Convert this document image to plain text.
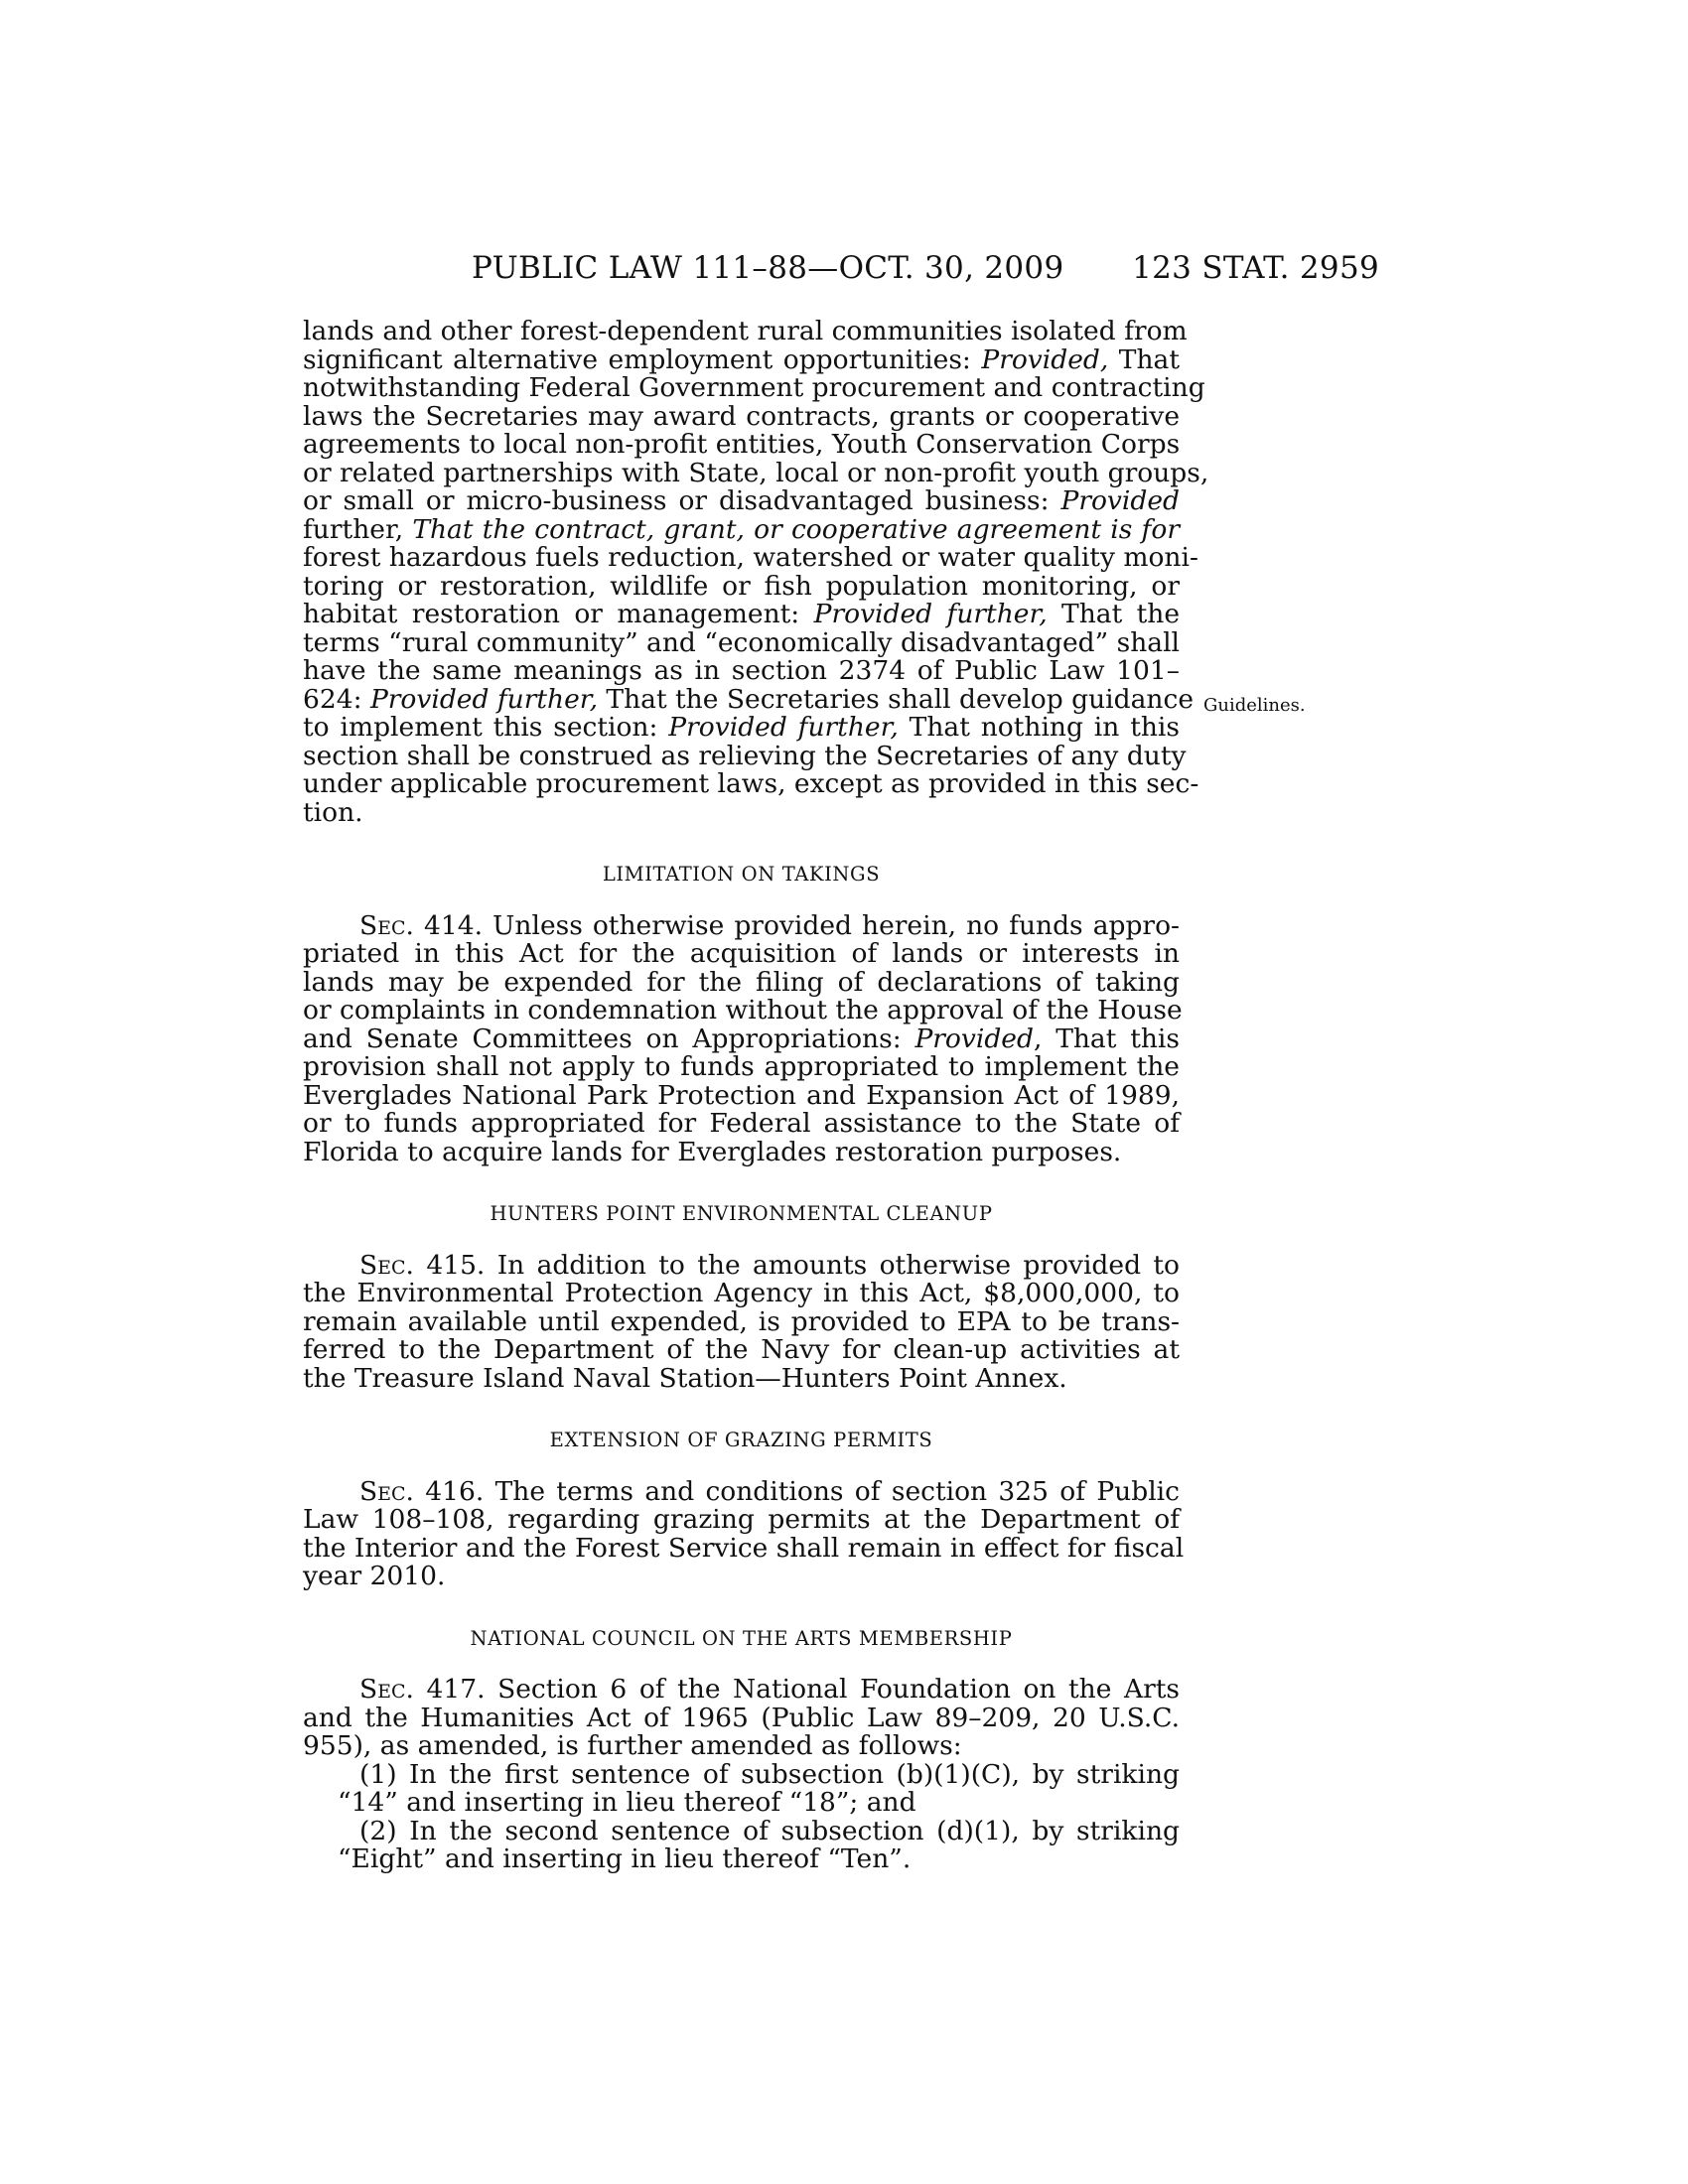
PUBLIC LAW 111–88—OCT. 30, 2009 123 STAT. 2959
Guidelines.
lands and other forest-dependent rural communities isolated from
significant alternative employment opportunities: Provided, That
notwithstanding Federal Government procurement and contracting
laws the Secretaries may award contracts, grants or cooperative
agreements to local non-profit entities, Youth Conservation Corps
or related partnerships with State, local or non-profit youth groups,
or small or micro-business or disadvantaged business: Provided
further, That the contract, grant, or cooperative agreement is for
forest hazardous fuels reduction, watershed or water quality moni-
toring or restoration, wildlife or fish population monitoring, or
habitat restoration or management: Provided further, That the
terms “rural community” and “economically disadvantaged” shall
have the same meanings as in section 2374 of Public Law 101–
624: Provided further, That the Secretaries shall develop guidance
to implement this section: Provided further, That nothing in this
section shall be construed as relieving the Secretaries of any duty
under applicable procurement laws, except as provided in this sec-
tion.
LIMITATION ON TAKINGS
Sec. 414. Unless otherwise provided herein, no funds appro-
priated in this Act for the acquisition of lands or interests in
lands may be expended for the filing of declarations of taking
or complaints in condemnation without the approval of the House
and Senate Committees on Appropriations: Provided, That this
provision shall not apply to funds appropriated to implement the
Everglades National Park Protection and Expansion Act of 1989,
or to funds appropriated for Federal assistance to the State of
Florida to acquire lands for Everglades restoration purposes.
HUNTERS POINT ENVIRONMENTAL CLEANUP
Sec. 415. In addition to the amounts otherwise provided to
the Environmental Protection Agency in this Act, $8,000,000, to
remain available until expended, is provided to EPA to be trans-
ferred to the Department of the Navy for clean-up activities at
the Treasure Island Naval Station—Hunters Point Annex.
EXTENSION OF GRAZING PERMITS
Sec. 416. The terms and conditions of section 325 of Public
Law 108–108, regarding grazing permits at the Department of
the Interior and the Forest Service shall remain in effect for fiscal
year 2010.
NATIONAL COUNCIL ON THE ARTS MEMBERSHIP
Sec. 417. Section 6 of the National Foundation on the Arts
and the Humanities Act of 1965 (Public Law 89–209, 20 U.S.C.
955), as amended, is further amended as follows:
(1) In the first sentence of subsection (b)(1)(C), by striking
“14” and inserting in lieu thereof “18”; and
(2) In the second sentence of subsection (d)(1), by striking
“Eight” and inserting in lieu thereof “Ten”.
